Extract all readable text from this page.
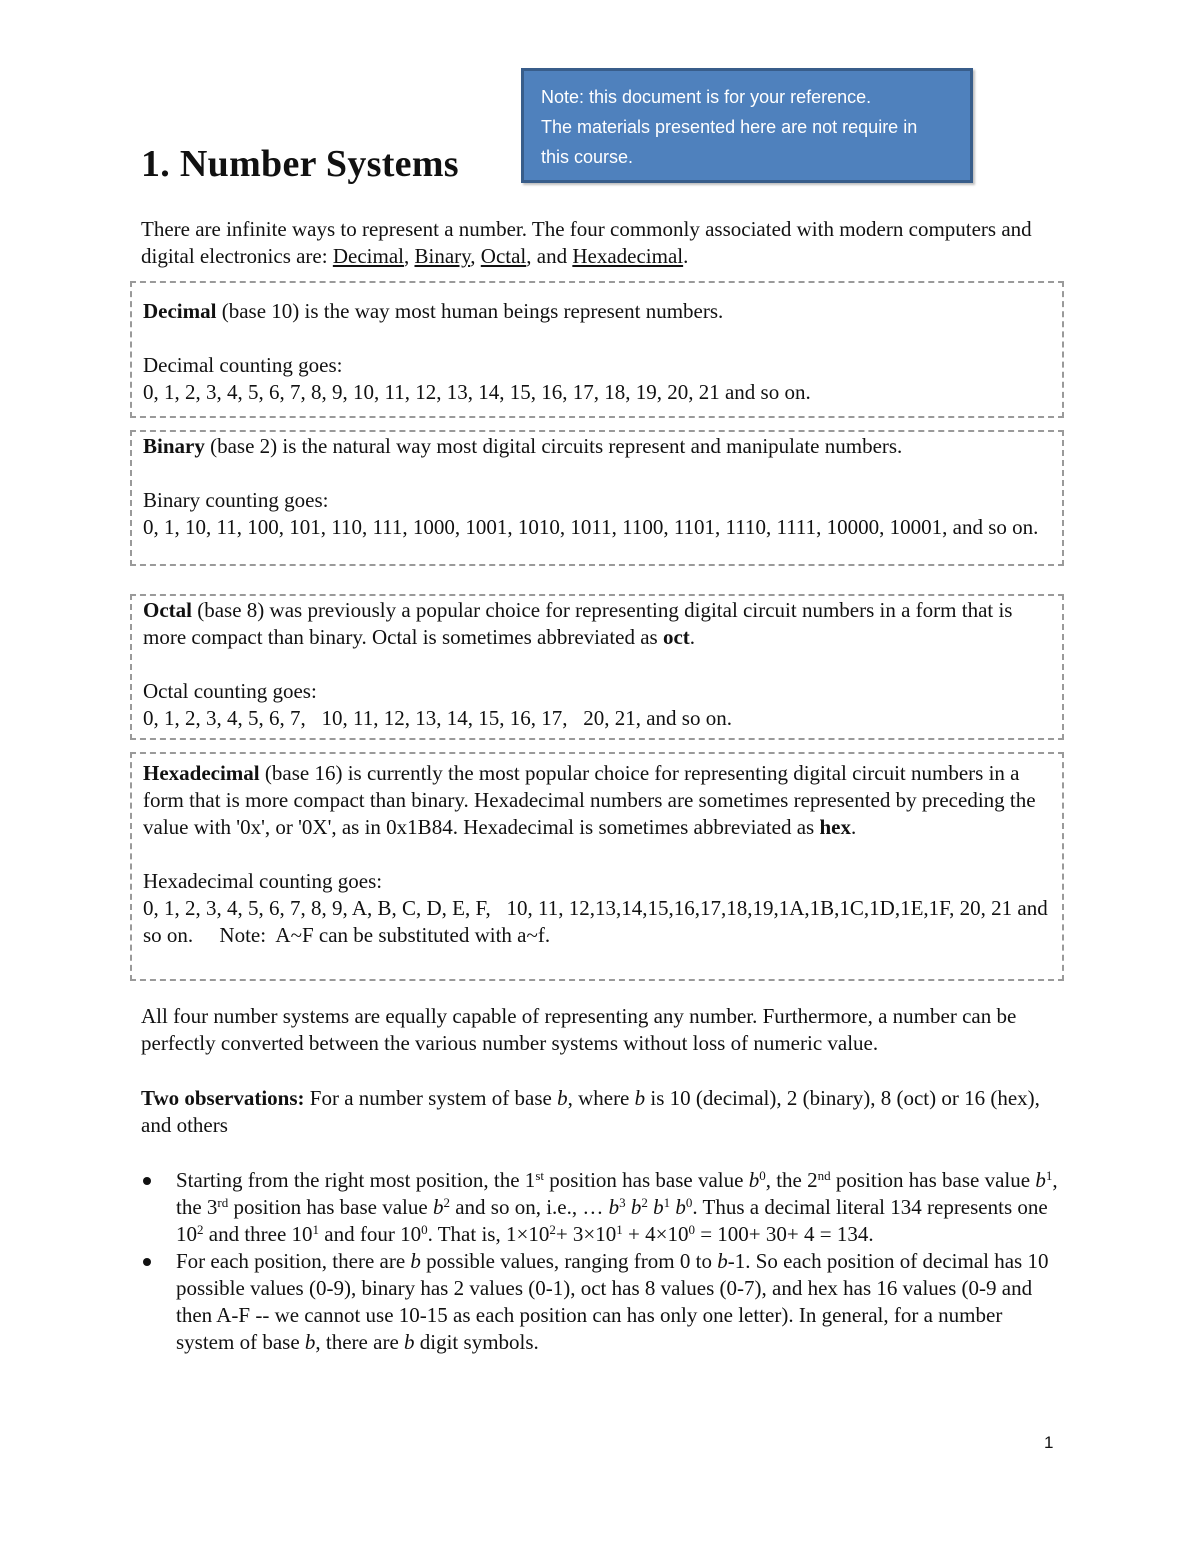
Note: this document is for your reference.
The materials presented here are not require in
this course.
1. Number Systems

There are infinite ways to represent a number. The four commonly associated with modern computers and digital electronics are: Decimal, Binary, Octal, and Hexadecimal.

Decimal (base 10) is the way most human beings represent numbers.

Decimal counting goes:

0, 1, 2, 3, 4, 5, 6, 7, 8, 9, 10, 11, 12, 13, 14, 15, 16, 17, 18, 19, 20, 21 and so on.

Binary (base 2) is the natural way most digital circuits represent and manipulate numbers.

Binary counting goes:

0, 1, 10, 11, 100, 101, 110, 111, 1000, 1001, 1010, 1011, 1100, 1101, 1110, 1111, 10000, 10001, and so on.

Octal (base 8) was previously a popular choice for representing digital circuit numbers in a form that is more compact than binary. Octal is sometimes abbreviated as oct.

Octal counting goes:

0, 1, 2, 3, 4, 5, 6, 7,   10, 11, 12, 13, 14, 15, 16, 17,   20, 21, and so on.

Hexadecimal (base 16) is currently the most popular choice for representing digital circuit numbers in a form that is more compact than binary. Hexadecimal numbers are sometimes represented by preceding the value with '0x', or '0X', as in 0x1B84. Hexadecimal is sometimes abbreviated as hex.

Hexadecimal counting goes:

0, 1, 2, 3, 4, 5, 6, 7, 8, 9, A, B, C, D, E, F,   10, 11, 12,13,14,15,16,17,18,19,1A,1B,1C,1D,1E,1F, 20, 21 and so on.     Note:  A~F can be substituted with a~f.

All four number systems are equally capable of representing any number. Furthermore, a number can be perfectly converted between the various number systems without loss of numeric value.

Two observations: For a number system of base b, where b is 10 (decimal), 2 (binary), 8 (oct) or 16 (hex), and others

Starting from the right most position, the 1st position has base value $b^0$, the 2nd position has base value $b^1$, the 3rd position has base value $b^2$ and so on, i.e., … $b^3$ $b^2$ $b^1$ $b^0$. Thus a decimal literal 134 represents one $10^2$ and three $10^1$ and four $10^0$. That is, $1\times 10^2+ 3\times 10^1 + 4\times 10^0 = 100+ 30+ 4 = 134$.
For each position, there are b possible values, ranging from 0 to b-1. So each position of decimal has 10 possible values (0-9), binary has 2 values (0-1), oct has 8 values (0-7), and hex has 16 values (0-9 and then A-F -- we cannot use 10-15 as each position can has only one letter). In general, for a number system of base b, there are b digit symbols.
1
